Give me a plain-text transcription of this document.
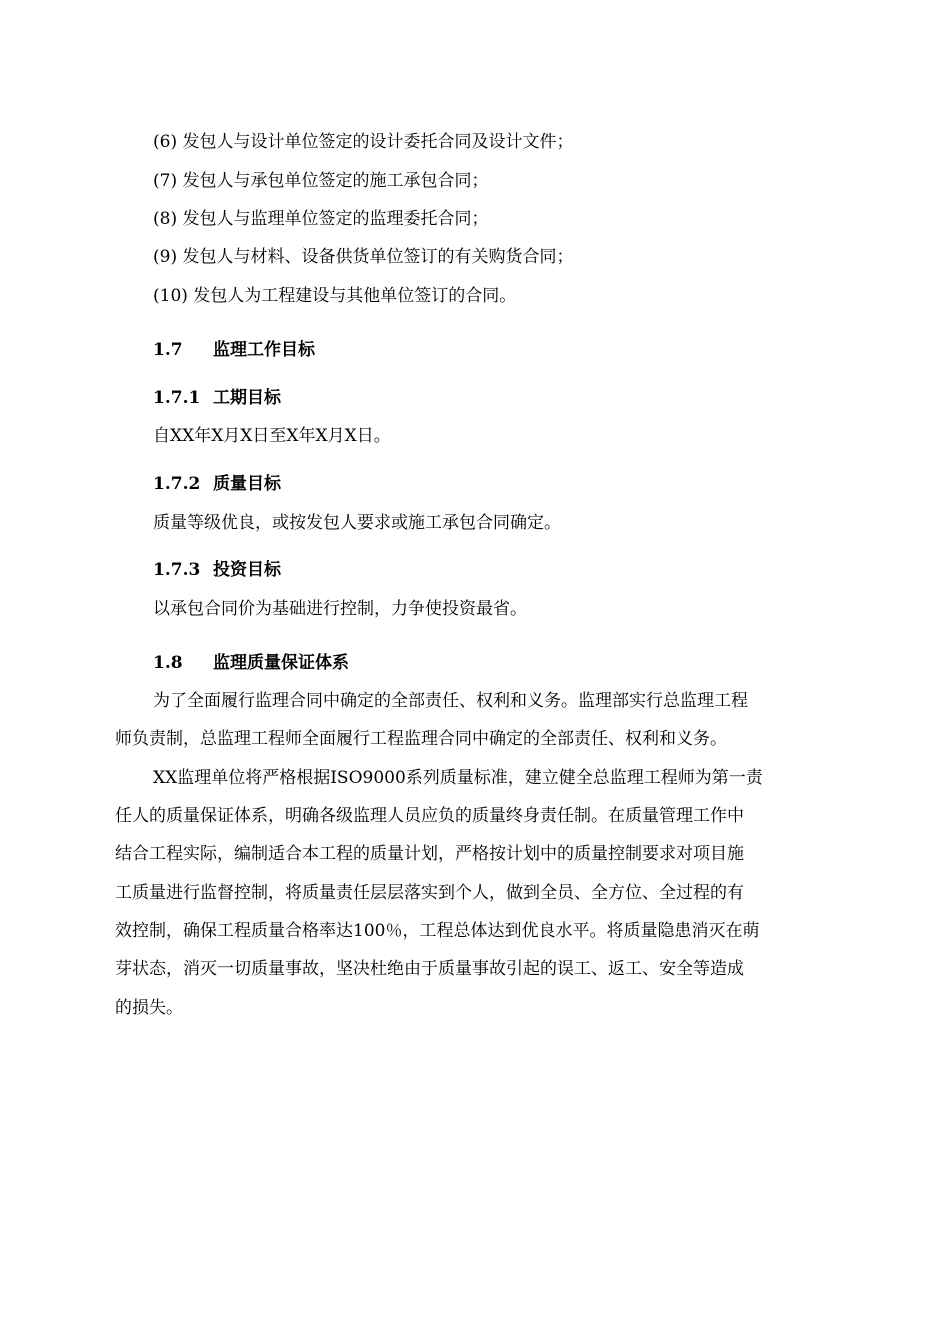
(6) 发包人与设计单位签定的设计委托合同及设计文件；
(7) 发包人与承包单位签定的施工承包合同；
(8) 发包人与监理单位签定的监理委托合同；
(9) 发包人与材料、设备供货单位签订的有关购货合同；
(10) 发包人为工程建设与其他单位签订的合同。
1.7 监理工作目标
1.7.1 工期目标
自XX年X月X日至X年X月X日。
1.7.2 质量目标
质量等级优良，或按发包人要求或施工承包合同确定。
1.7.3 投资目标
以承包合同价为基础进行控制，力争使投资最省。
1.8 监理质量保证体系
为了全面履行监理合同中确定的全部责任、权利和义务。监理部实行总监理工程
师负责制，总监理工程师全面履行工程监理合同中确定的全部责任、权利和义务。
XX监理单位将严格根据ISO9000系列质量标准，建立健全总监理工程师为第一责
任人的质量保证体系，明确各级监理人员应负的质量终身责任制。在质量管理工作中
结合工程实际，编制适合本工程的质量计划，严格按计划中的质量控制要求对项目施
工质量进行监督控制，将质量责任层层落实到个人，做到全员、全方位、全过程的有
效控制，确保工程质量合格率达100％，工程总体达到优良水平。将质量隐患消灭在萌
芽状态，消灭一切质量事故，坚决杜绝由于质量事故引起的误工、返工、安全等造成
的损失。
